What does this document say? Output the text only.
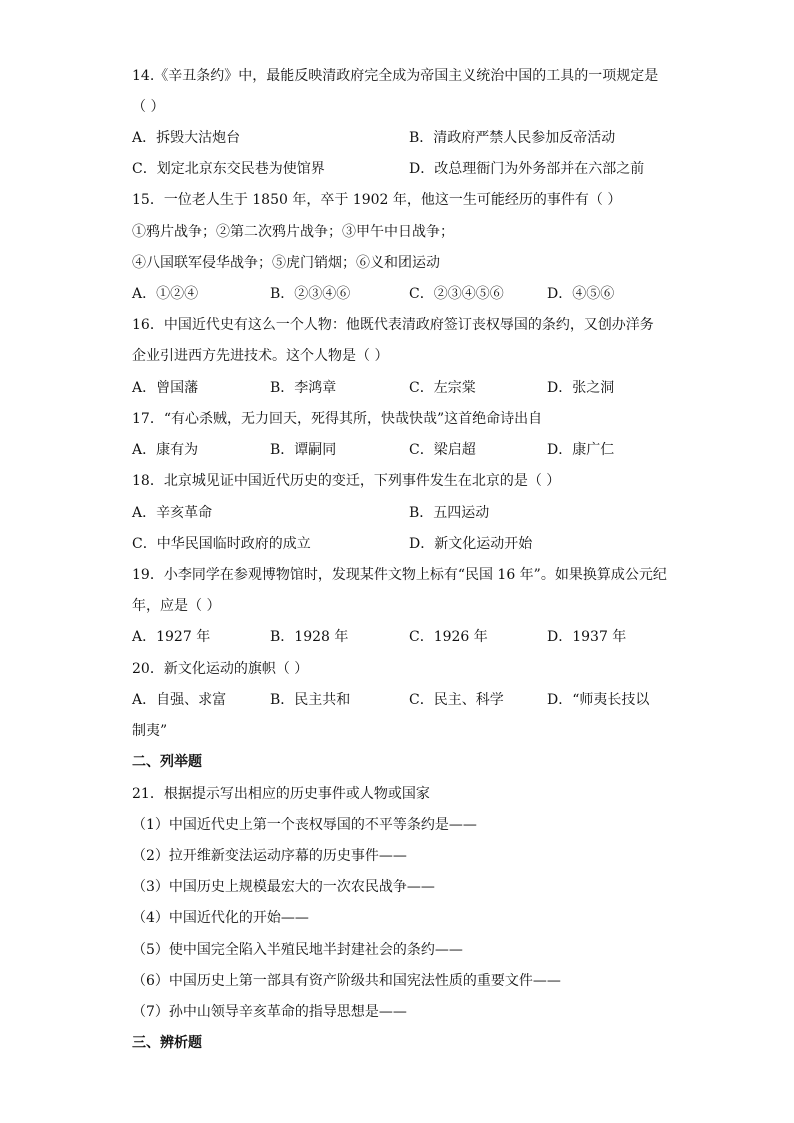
14.《辛丑条约》中，最能反映清政府完全成为帝国主义统治中国的工具的一项规定是
（ ）
A．拆毁大沽炮台	B．清政府严禁人民参加反帝活动
C．划定北京东交民巷为使馆界	D．改总理衙门为外务部并在六部之前
15．一位老人生于 1850 年，卒于 1902 年，他这一生可能经历的事件有（ ）
①鸦片战争；②第二次鸦片战争；③甲午中日战争；
④八国联军侵华战争；⑤虎门销烟；⑥义和团运动
A．①②④	B．②③④⑥	C．②③④⑤⑥	D．④⑤⑥
16．中国近代史有这么一个人物：他既代表清政府签订丧权辱国的条约，又创办洋务
企业引进西方先进技术。这个人物是（ ）
A．曾国藩	B．李鸿章	C．左宗棠	D．张之洞
17．“有心杀贼，无力回天，死得其所，快哉快哉”这首绝命诗出自
A．康有为	B．谭嗣同	C．梁启超	D．康广仁
18．北京城见证中国近代历史的变迁，下列事件发生在北京的是（ ）
A．辛亥革命	B．五四运动
C．中华民国临时政府的成立	D．新文化运动开始
19．小李同学在参观博物馆时，发现某件文物上标有“民国 16 年”。如果换算成公元纪
年，应是（ ）
A．1927 年	B．1928 年	C．1926 年	D．1937 年
20．新文化运动的旗帜（ ）
A．自强、求富	B．民主共和	C．民主、科学	D．“师夷长技以
制夷”
二、列举题
21．根据提示写出相应的历史事件或人物或国家
（1）中国近代史上第一个丧权辱国的不平等条约是——
（2）拉开维新变法运动序幕的历史事件——
（3）中国历史上规模最宏大的一次农民战争——
（4）中国近代化的开始——
（5）使中国完全陷入半殖民地半封建社会的条约——
（6）中国历史上第一部具有资产阶级共和国宪法性质的重要文件——
（7）孙中山领导辛亥革命的指导思想是——
三、辨析题
